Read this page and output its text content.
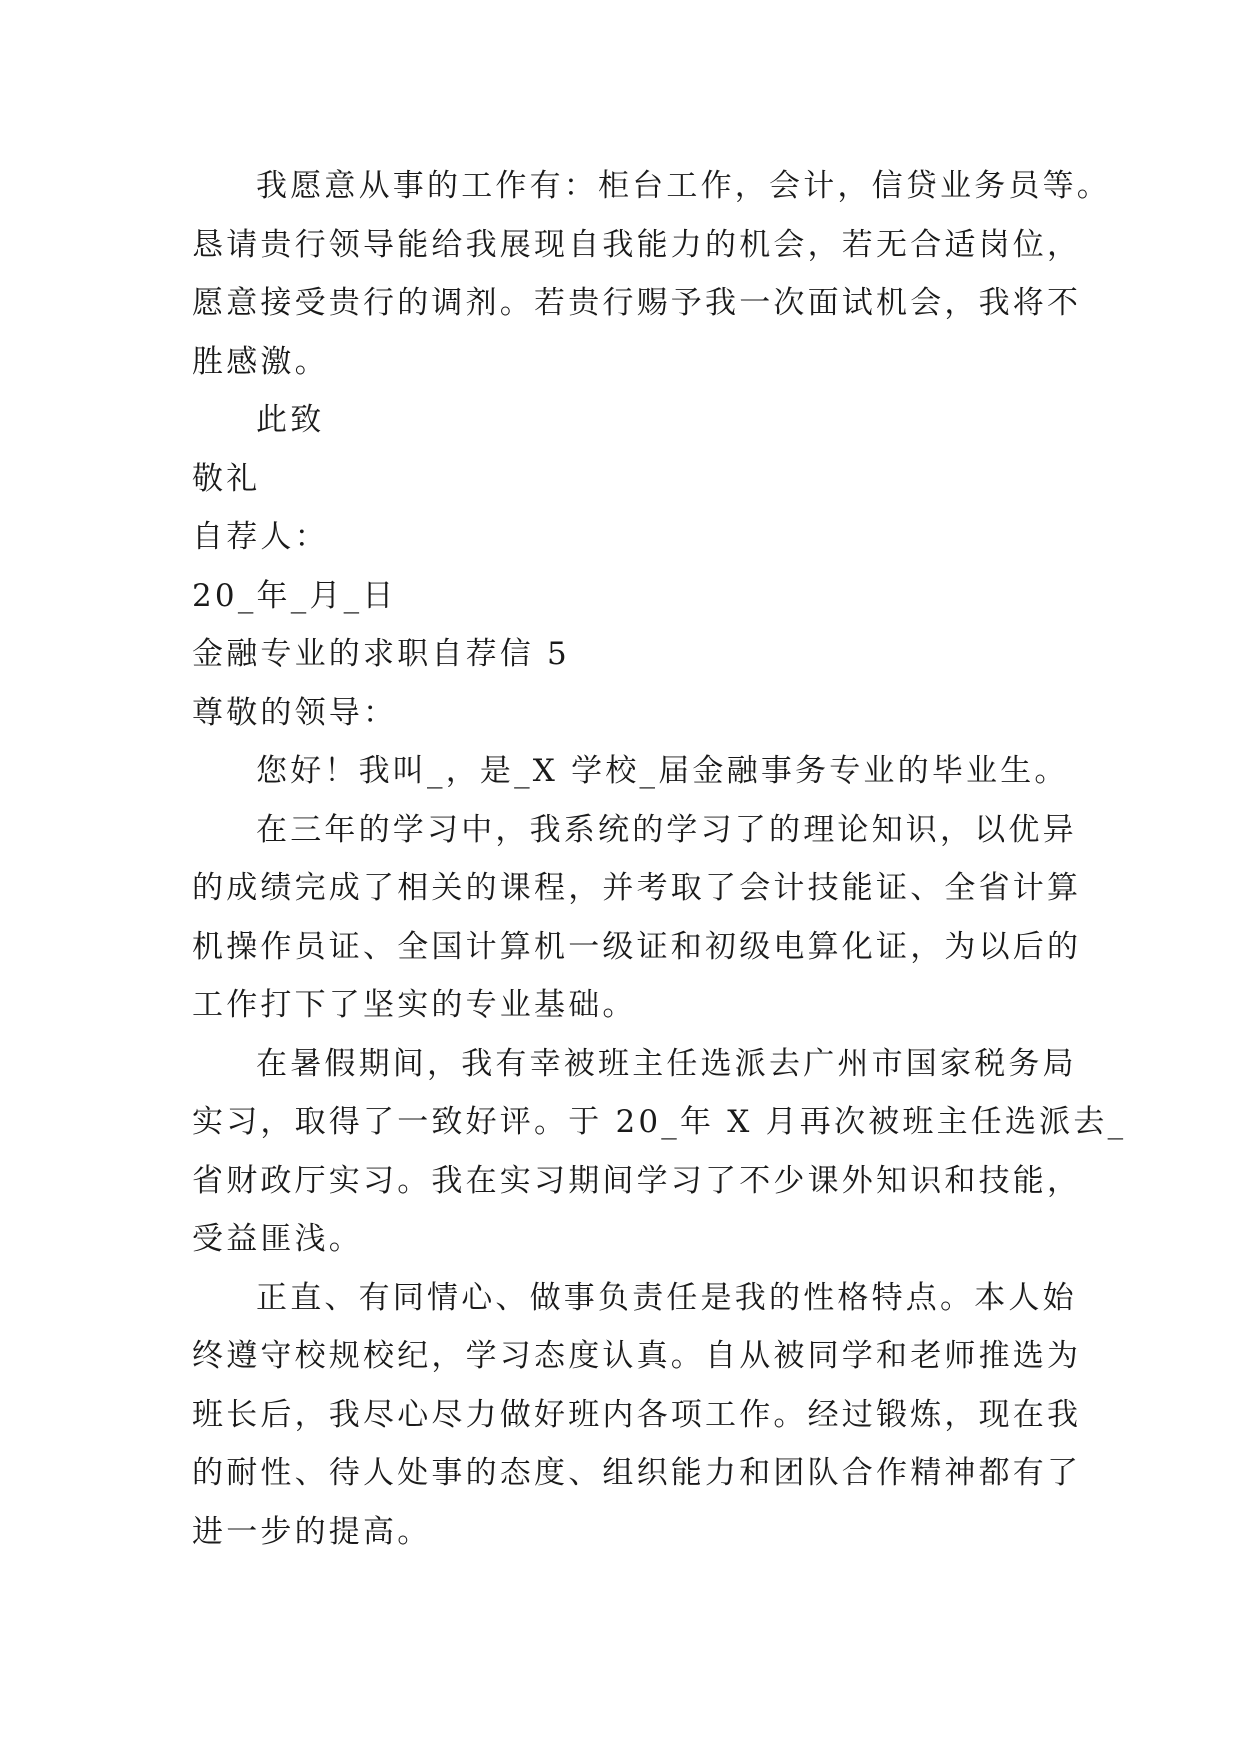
我愿意从事的工作有：柜台工作，会计，信贷业务员等。
恳请贵行领导能给我展现自我能力的机会，若无合适岗位，
愿意接受贵行的调剂。若贵行赐予我一次面试机会，我将不
胜感激。
此致
敬礼
自荐人：
20_年_月_日
金融专业的求职自荐信 5
尊敬的领导：
您好！我叫_，是_X 学校_届金融事务专业的毕业生。
在三年的学习中，我系统的学习了的理论知识，以优异
的成绩完成了相关的课程，并考取了会计技能证、全省计算
机操作员证、全国计算机一级证和初级电算化证，为以后的
工作打下了坚实的专业基础。
在暑假期间，我有幸被班主任选派去广州市国家税务局
实习，取得了一致好评。于 20_年 X 月再次被班主任选派去_
省财政厅实习。我在实习期间学习了不少课外知识和技能，
受益匪浅。
正直、有同情心、做事负责任是我的性格特点。本人始
终遵守校规校纪，学习态度认真。自从被同学和老师推选为
班长后，我尽心尽力做好班内各项工作。经过锻炼，现在我
的耐性、待人处事的态度、组织能力和团队合作精神都有了
进一步的提高。
